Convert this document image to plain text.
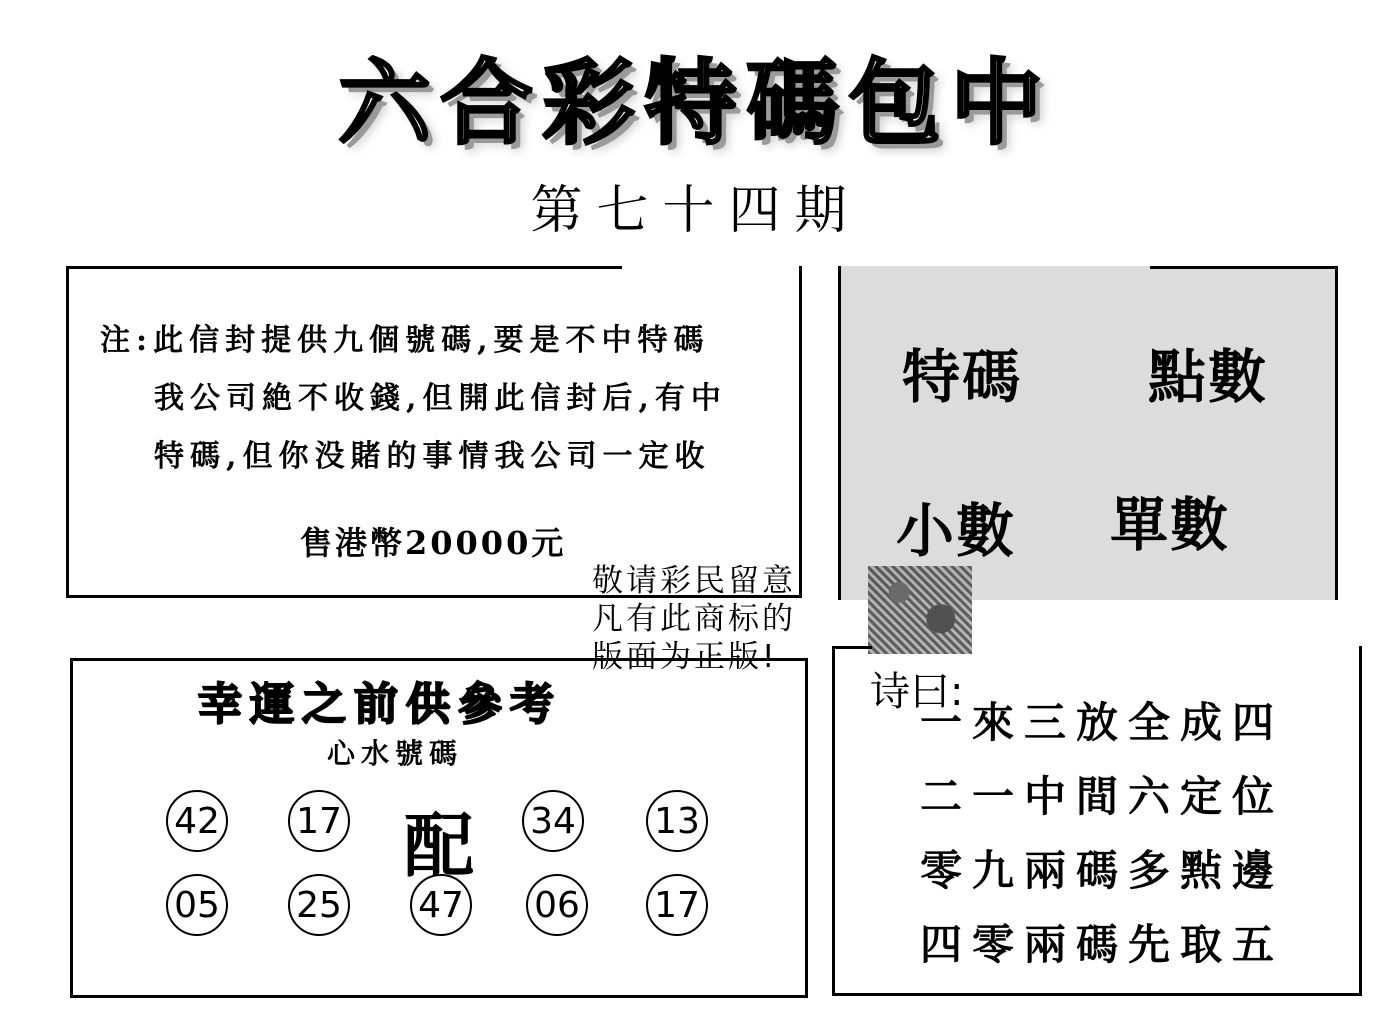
六合彩特碼包中
第七十四期
注:此信封提供九個號碼,要是不中特碼
我公司絶不收錢,但開此信封后,有中
特碼,但你没賭的事情我公司一定收
售港幣20000元
特碼 點數
小數 單數
敬请彩民留意
凡有此商标的
版面为正版!
幸運之前供參考
心水號碼
42 17 配 34 13
05 25 47 06 17
诗曰:
一來三放全成四
二一中間六定位
零九兩碼多㸃邊
四零兩碼先取五
